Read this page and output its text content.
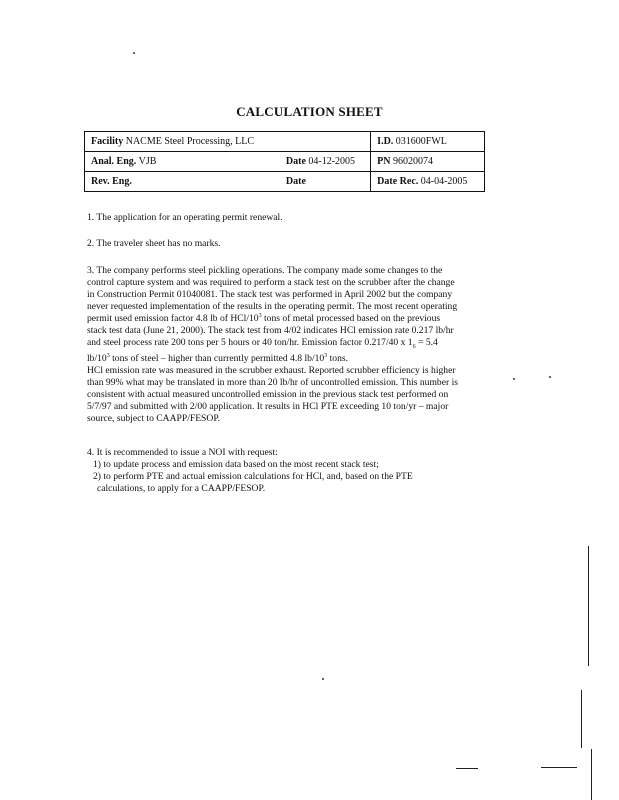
CALCULATION SHEET
Facility NACME Steel Processing, LLC		I.D. 031600FWL
Anal. Eng. VJB	Date 04-12-2005	PN 96020074
Rev. Eng.	Date	Date Rec. 04-04-2005
1. The application for an operating permit renewal.
2. The traveler sheet has no marks.
3. The company performs steel pickling operations. The company made some changes to the
control capture system and was required to perform a stack test on the scrubber after the change
in Construction Permit 01040081. The stack test was performed in April 2002 but the company
never requested implementation of the results in the operating permit. The most recent operating
permit used emission factor 4.8 lb of HCl/$10^3$ tons of metal processed based on the previous
stack test data (June 21, 2000). The stack test from 4/02 indicates HCl emission rate 0.217 lb/hr
and steel process rate 200 tons per 5 hours or 40 ton/hr. Emission factor 0.217/40 x $1_6 = 5.4$
$lb/10^3$ tons of steel – higher than currently permitted 4.8 $lb/10^3$ tons.
HCl emission rate was measured in the scrubber exhaust. Reported scrubber efficiency is higher
than 99% what may be translated in more than 20 lb/hr of uncontrolled emission. This number is
consistent with actual measured uncontrolled emission in the previous stack test performed on
5/7/97 and submitted with 2/00 application. It results in HCl PTE exceeding 10 ton/yr – major
source, subject to CAAPP/FESOP.
4. It is recommended to issue a NOI with request:
1) to update process and emission data based on the most recent stack test;
2) to perform PTE and actual emission calculations for HCl, and, based on the PTE
calculations, to apply for a CAAPP/FESOP.
